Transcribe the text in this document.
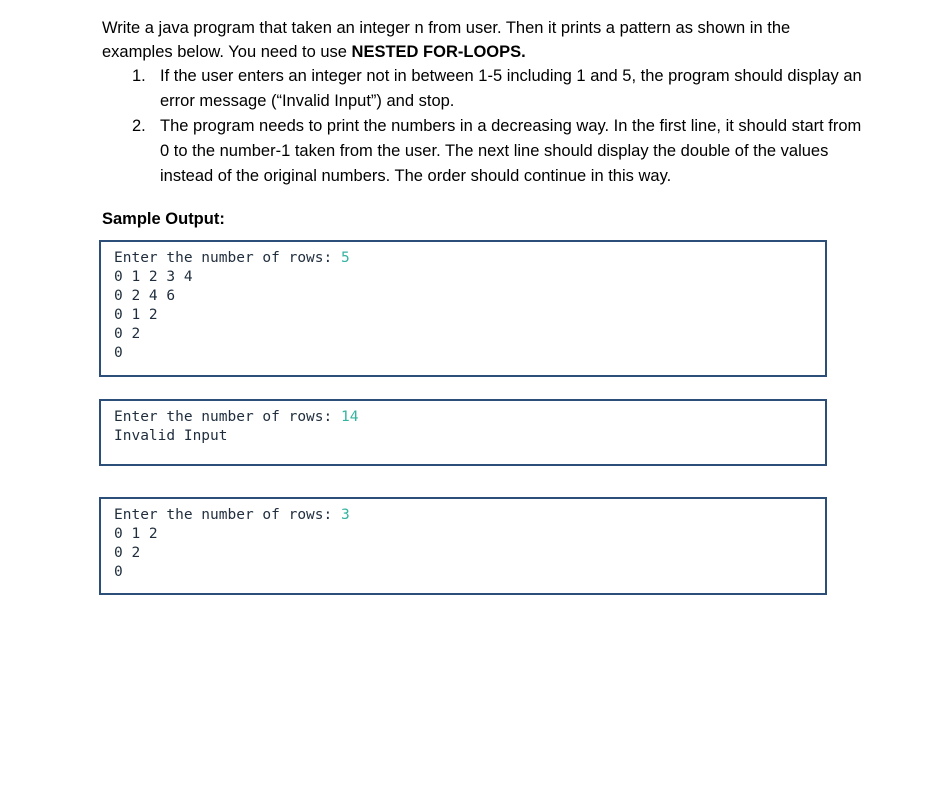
Write a java program that taken an integer n from user. Then it prints a pattern as shown in the examples below. You need to use NESTED FOR-LOOPS.

1. If the user enters an integer not in between 1-5 including 1 and 5, the program should display an error message (“Invalid Input”) and stop.
2. The program needs to print the numbers in a decreasing way. In the first line, it should start from 0 to the number-1 taken from the user. The next line should display the double of the values instead of the original numbers. The order should continue in this way.

Sample Output:

Enter the number of rows: 5
0 1 2 3 4
0 2 4 6
0 1 2
0 2
0
Enter the number of rows: 14
Invalid Input
Enter the number of rows: 3
0 1 2
0 2
0
